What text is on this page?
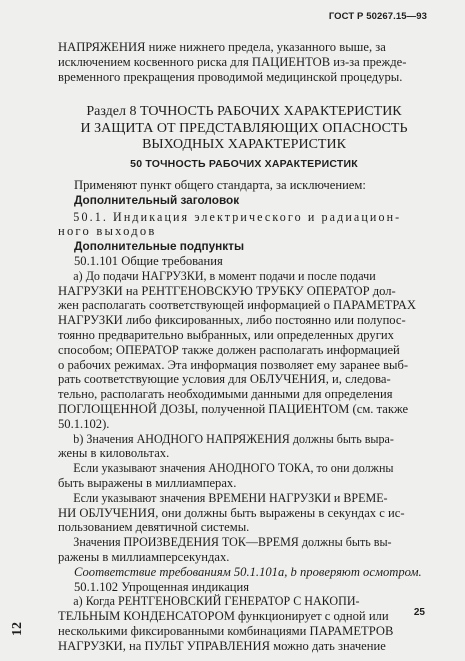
ГОСТ Р 50267.15—93

НАПРЯЖЕНИЯ ниже нижнего предела, указанного выше, за
исключением косвенного риска для ПАЦИЕНТОВ из-за прежде-
временного прекращения проводимой медицинской процедуры.

Раздел 8 ТОЧНОСТЬ РАБОЧИХ ХАРАКТЕРИСТИК
И ЗАЩИТА ОТ ПРЕДСТАВЛЯЮЩИХ ОПАСНОСТЬ
ВЫХОДНЫХ ХАРАКТЕРИСТИК
50 ТОЧНОСТЬ РАБОЧИХ ХАРАКТЕРИСТИК

Применяют пункт общего стандарта, за исключением:

Дополнительный заголовок

50.1. Индикация электрического и радиацион-
ного выходов

Дополнительные подпункты

50.1.101 Общие требования

а) До подачи НАГРУЗКИ, в момент подачи и после подачи
НАГРУЗКИ на РЕНТГЕНОВСКУЮ ТРУБКУ ОПЕРАТОР дол-
жен располагать соответствующей информацией о ПАРАМЕТРАХ
НАГРУЗКИ либо фиксированных, либо постоянно или полупос-
тоянно предварительно выбранных, или определенных других
способом; ОПЕРАТОР также должен располагать информацией
о рабочих режимах. Эта информация позволяет ему заранее выб-
рать соответствующие условия для ОБЛУЧЕНИЯ, и, следова-
тельно, располагать необходимыми данными для определения
ПОГЛОЩЕННОЙ ДОЗЫ, полученной ПАЦИЕНТОМ (см. также
50.1.102).

b) Значения АНОДНОГО НАПРЯЖЕНИЯ должны быть выра-
жены в киловольтах.

Если указывают значения АНОДНОГО ТОКА, то они должны
быть выражены в миллиамперах.

Если указывают значения ВРЕМЕНИ НАГРУЗКИ и ВРЕМЕ-
НИ ОБЛУЧЕНИЯ, они должны быть выражены в секундах с ис-
пользованием девятичной системы.

Значения ПРОИЗВЕДЕНИЯ ТОК—ВРЕМЯ должны быть вы-
ражены в миллиамперсекундах.

Соответствие требованиям 50.1.101а, b проверяют осмотром.

50.1.102 Упрощенная индикация

а) Когда РЕНТГЕНОВСКИЙ ГЕНЕРАТОР С НАКОПИ-
ТЕЛЬНЫМ КОНДЕНСАТОРОМ функционирует с одной или
несколькими фиксированными комбинациями ПАРАМЕТРОВ
НАГРУЗКИ, на ПУЛЬТ УПРАВЛЕНИЯ можно дать значение

25
12
